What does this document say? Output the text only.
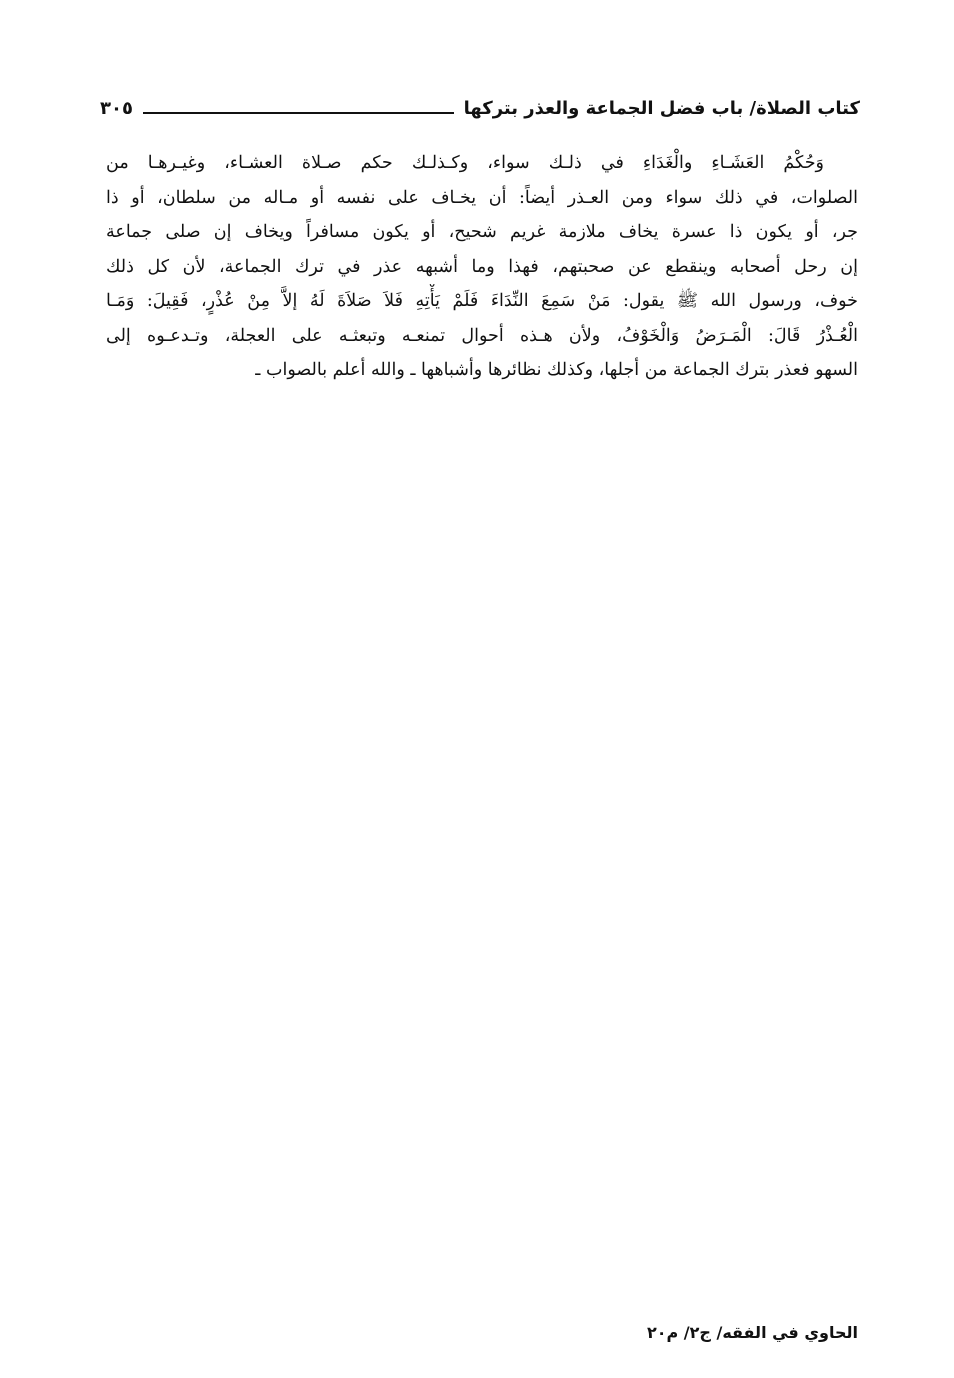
كتاب الصلاة/ باب فضل الجماعة والعذر بتركها
٣٠٥
وَحُكْمُ العَشَـاءِ والْغَدَاءِ في ذلـك سواء، وكـذلـك حكم صـلاة العشـاء، وغيـرهـا من
الصلوات، في ذلك سواء ومن العـذر أيضاً: أن يخـاف على نفسه أو مـاله من سلطان، أو ذا
جر، أو يكون ذا عسرة يخاف ملازمة غريم شحيح، أو يكون مسافراً ويخاف إن صلى جماعة
إن رحل أصحابه وينقطع عن صحبتهم، فهذا وما أشبهه عذر في ترك الجماعة، لأن كل ذلك
خوف، ورسول الله ﷺ يقول: مَنْ سَمِعَ النِّدَاءَ فَلَمْ يَأْتِهِ فَلاَ صَلاَةَ لَهُ إلاَّ مِنْ عُذْرٍ، فَقِيلَ: وَمَـا
الْعُـذْرُ قَالَ: الْمَـرَضُ وَالْخَوْفُ، ولأن هـذه أحوال تمنعـه وتبعثـه على العجلة، وتـدعـوه إلى
السهو فعذر بترك الجماعة من أجلها، وكذلك نظائرها وأشباهها ـ والله أعلم بالصواب ـ
الحاوي في الفقه/ ج٢/ م٢٠
